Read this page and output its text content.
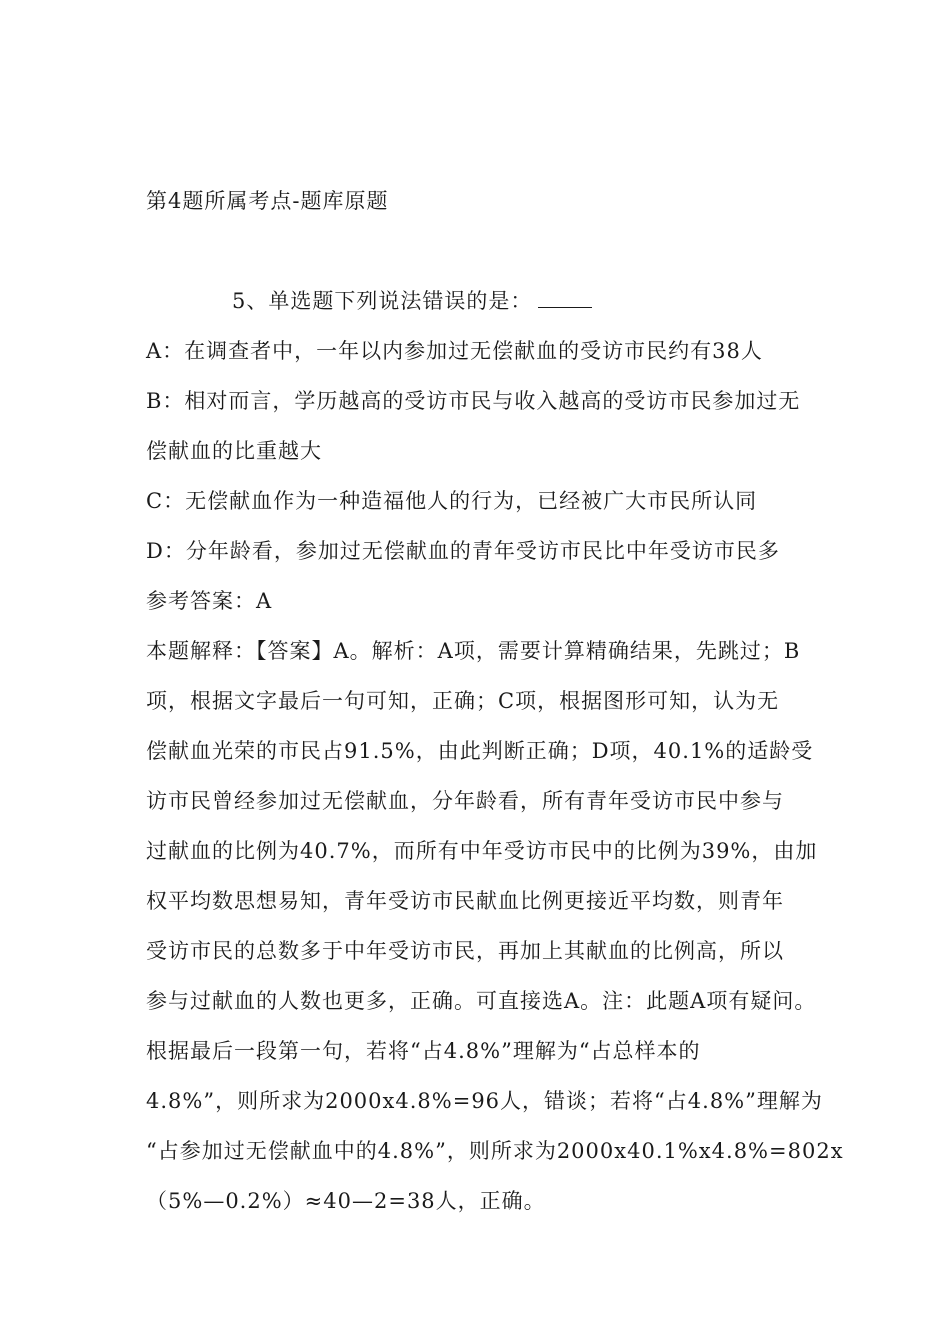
第4题所属考点-题库原题
5、单选题下列说法错误的是：
A：在调查者中，一年以内参加过无偿献血的受访市民约有38人
B：相对而言，学历越高的受访市民与收入越高的受访市民参加过无
偿献血的比重越大
C：无偿献血作为一种造福他人的行为，已经被广大市民所认同
D：分年龄看，参加过无偿献血的青年受访市民比中年受访市民多
参考答案：A
本题解释：【答案】A。解析：A项，需要计算精确结果，先跳过；B
项，根据文字最后一句可知，正确；C项，根据图形可知，认为无
偿献血光荣的市民占91.5%，由此判断正确；D项，40.1%的适龄受
访市民曾经参加过无偿献血，分年龄看，所有青年受访市民中参与
过献血的比例为40.7%，而所有中年受访市民中的比例为39%，由加
权平均数思想易知，青年受访市民献血比例更接近平均数，则青年
受访市民的总数多于中年受访市民，再加上其献血的比例高，所以
参与过献血的人数也更多，正确。可直接选A。注：此题A项有疑问。
根据最后一段第一句，若将“占4.8%”理解为“占总样本的
4.8%”，则所求为2000x4.8%=96人，错谈；若将“占4.8%”理解为
“占参加过无偿献血中的4.8%”，则所求为2000x40.1%x4.8%=802x
（5%—0.2%）≈40—2=38人，正确。
